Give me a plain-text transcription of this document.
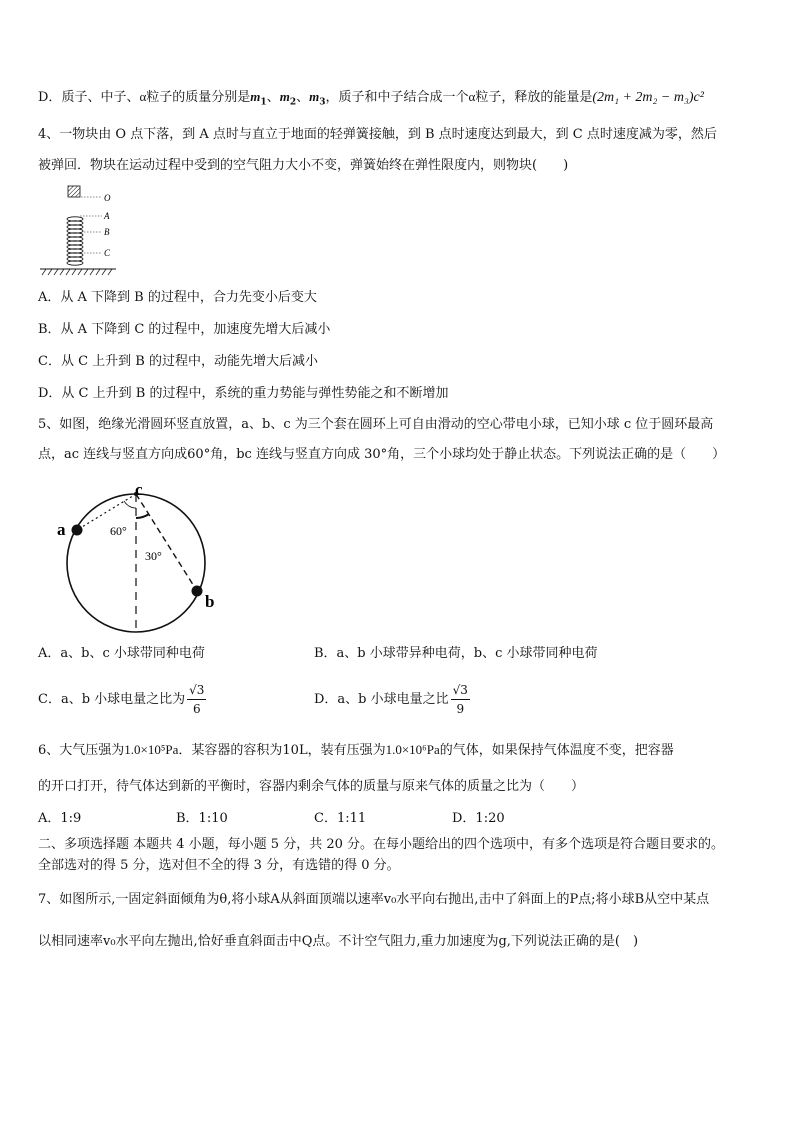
D．质子、中子、α粒子的质量分别是$m_1$、$m_2$、$m_3$，质子和中子结合成一个α粒子，释放的能量是(2m₁ + 2m₂ − m₃)c²
4、一物块由 O 点下落，到 A 点时与直立于地面的轻弹簧接触，到 B 点时速度达到最大，到 C 点时速度减为零，然后
被弹回．物块在运动过程中受到的空气阻力大小不变，弹簧始终在弹性限度内，则物块(　　)
O
A
B
C
A．从 A 下降到 B 的过程中，合力先变小后变大
B．从 A 下降到 C 的过程中，加速度先增大后减小
C．从 C 上升到 B 的过程中，动能先增大后减小
D．从 C 上升到 B 的过程中，系统的重力势能与弹性势能之和不断增加
5、如图，绝缘光滑圆环竖直放置，a、b、c 为三个套在圆环上可自由滑动的空心带电小球，已知小球 c 位于圆环最高
点，ac 连线与竖直方向成60°角，bc 连线与竖直方向成 30°角，三个小球均处于静止状态。下列说法正确的是（　　）
a
b
c
60°
30°
A．a、b、c 小球带同种电荷	B．a、b 小球带异种电荷，b、c 小球带同种电荷
C．a、b 小球电量之比为 $\frac{√3}{6}$	D．a、b 小球电量之比 $\frac{√3}{9}$
6、大气压强为1.0×10⁵Pa．某容器的容积为10L，装有压强为1.0×10⁶Pa的气体，如果保持气体温度不变，把容器
的开口打开，待气体达到新的平衡时，容器内剩余气体的质量与原来气体的质量之比为（　　）
A．1:9	B．1:10	C．1:11	D．1:20
二、多项选择题 本题共 4 小题，每小题 5 分，共 20 分。在每小题给出的四个选项中，有多个选项是符合题目要求的。
全部选对的得 5 分，选对但不全的得 3 分，有选错的得 0 分。
7、如图所示,一固定斜面倾角为θ,将小球A从斜面顶端以速率v₀水平向右抛出,击中了斜面上的P点;将小球B从空中某点
以相同速率v₀水平向左抛出,恰好垂直斜面击中Q点。不计空气阻力,重力加速度为g,下列说法正确的是(　)
